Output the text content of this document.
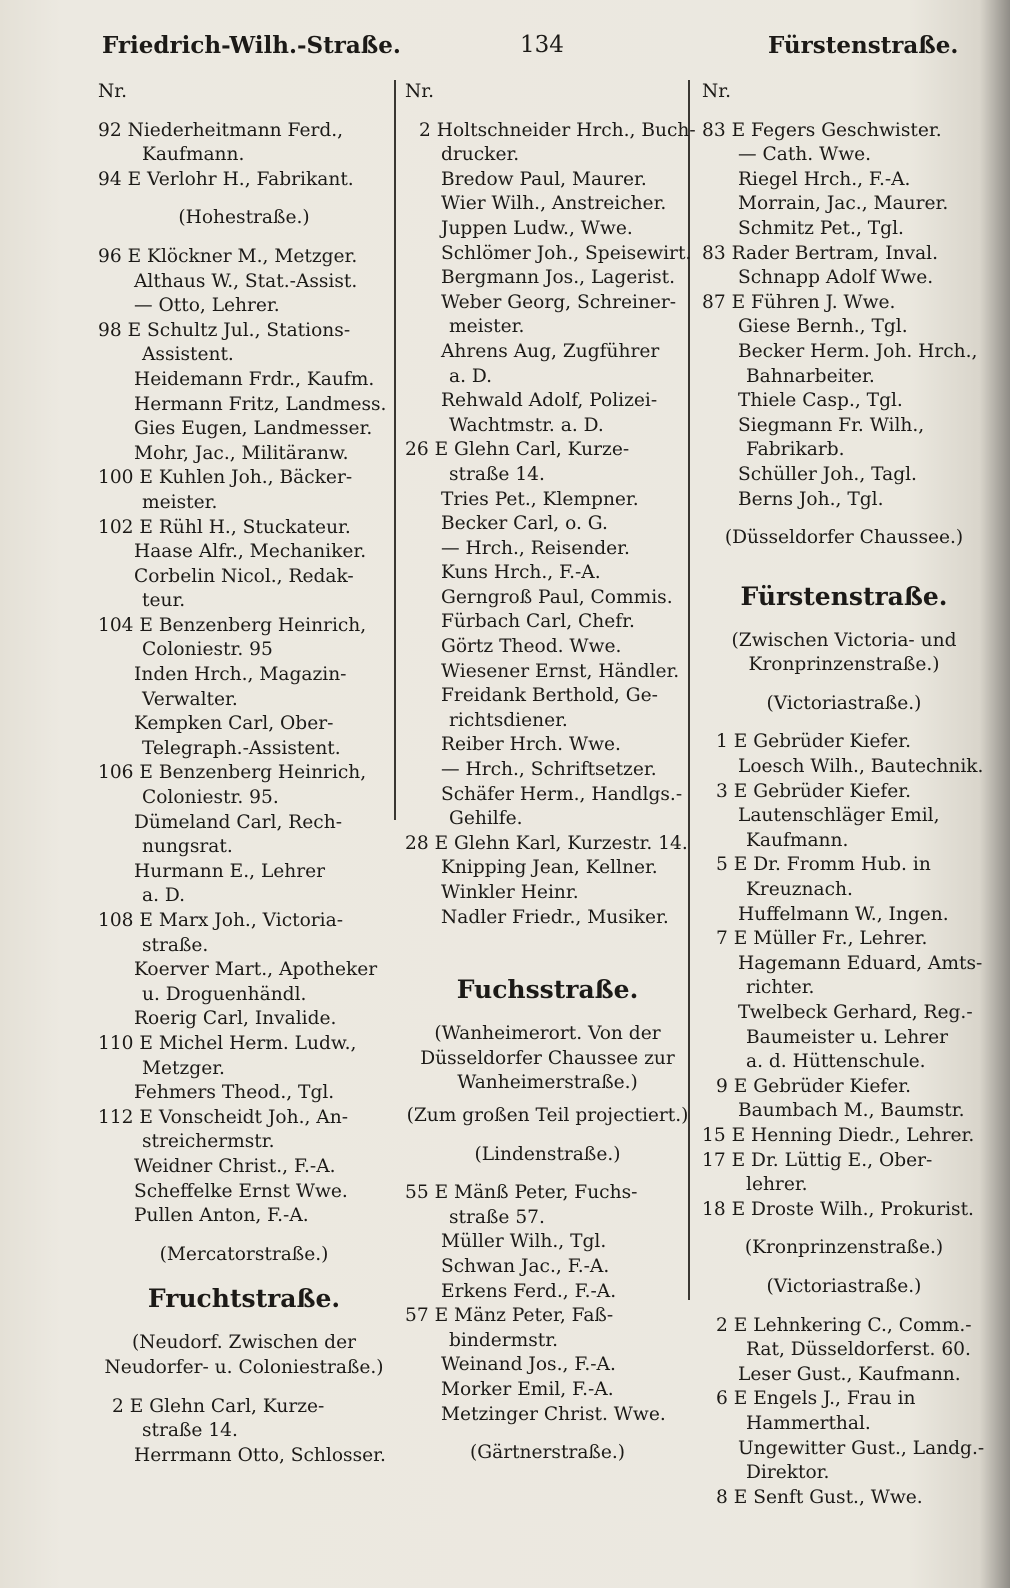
Friedrich-Wilh.-Straße.	134	Fürstenstraße.
Nr.
92 Niederheitmann Ferd.,
Kaufmann.
94 E Verlohr H., Fabrikant.
(Hohestraße.)
96 E Klöckner M., Metzger.
Althaus W., Stat.-Assist.
— Otto, Lehrer.
98 E Schultz Jul., Stations-
Assistent.
Heidemann Frdr., Kaufm.
Hermann Fritz, Landmess.
Gies Eugen, Landmesser.
Mohr, Jac., Militäranw.
100 E Kuhlen Joh., Bäcker-
meister.
102 E Rühl H., Stuckateur.
Haase Alfr., Mechaniker.
Corbelin Nicol., Redak-
teur.
104 E Benzenberg Heinrich,
Coloniestr. 95
Inden Hrch., Magazin-
Verwalter.
Kempken Carl, Ober-
Telegraph.-Assistent.
106 E Benzenberg Heinrich,
Coloniestr. 95.
Dümeland Carl, Rech-
nungsrat.
Hurmann E., Lehrer
a. D.
108 E Marx Joh., Victoria-
straße.
Koerver Mart., Apotheker
u. Droguenhändl.
Roerig Carl, Invalide.
110 E Michel Herm. Ludw.,
Metzger.
Fehmers Theod., Tgl.
112 E Vonscheidt Joh., An-
streichermstr.
Weidner Christ., F.-A.
Scheffelke Ernst Wwe.
Pullen Anton, F.-A.
(Mercatorstraße.)
Fruchtstraße.
(Neudorf. Zwischen der
Neudorfer- u. Coloniestraße.)
2 E Glehn Carl, Kurze-
straße 14.
Herrmann Otto, Schlosser.
Nr.
2 Holtschneider Hrch., Buch-
drucker.
Bredow Paul, Maurer.
Wier Wilh., Anstreicher.
Juppen Ludw., Wwe.
Schlömer Joh., Speisewirt.
Bergmann Jos., Lagerist.
Weber Georg, Schreiner-
meister.
Ahrens Aug, Zugführer
a. D.
Rehwald Adolf, Polizei-
Wachtmstr. a. D.
26 E Glehn Carl, Kurze-
straße 14.
Tries Pet., Klempner.
Becker Carl, o. G.
— Hrch., Reisender.
Kuns Hrch., F.-A.
Gerngroß Paul, Commis.
Fürbach Carl, Chefr.
Görtz Theod. Wwe.
Wiesener Ernst, Händler.
Freidank Berthold, Ge-
richtsdiener.
Reiber Hrch. Wwe.
— Hrch., Schriftsetzer.
Schäfer Herm., Handlgs.-
Gehilfe.
28 E Glehn Karl, Kurzestr. 14.
Knipping Jean, Kellner.
Winkler Heinr.
Nadler Friedr., Musiker.
Fuchsstraße.
(Wanheimerort. Von der
Düsseldorfer Chaussee zur
Wanheimerstraße.)
(Zum großen Teil projectiert.)
(Lindenstraße.)
55 E Mänß Peter, Fuchs-
straße 57.
Müller Wilh., Tgl.
Schwan Jac., F.-A.
Erkens Ferd., F.-A.
57 E Mänz Peter, Faß-
bindermstr.
Weinand Jos., F.-A.
Morker Emil, F.-A.
Metzinger Christ. Wwe.
(Gärtnerstraße.)
Nr.
83 E Fegers Geschwister.
— Cath. Wwe.
Riegel Hrch., F.-A.
Morrain, Jac., Maurer.
Schmitz Pet., Tgl.
83 Rader Bertram, Inval.
Schnapp Adolf Wwe.
87 E Führen J. Wwe.
Giese Bernh., Tgl.
Becker Herm. Joh. Hrch.,
Bahnarbeiter.
Thiele Casp., Tgl.
Siegmann Fr. Wilh.,
Fabrikarb.
Schüller Joh., Tagl.
Berns Joh., Tgl.
(Düsseldorfer Chaussee.)
Fürstenstraße.
(Zwischen Victoria- und
Kronprinzenstraße.)
(Victoriastraße.)
1 E Gebrüder Kiefer.
Loesch Wilh., Bautechnik.
3 E Gebrüder Kiefer.
Lautenschläger Emil,
Kaufmann.
5 E Dr. Fromm Hub. in
Kreuznach.
Huffelmann W., Ingen.
7 E Müller Fr., Lehrer.
Hagemann Eduard, Amts-
richter.
Twelbeck Gerhard, Reg.-
Baumeister u. Lehrer
a. d. Hüttenschule.
9 E Gebrüder Kiefer.
Baumbach M., Baumstr.
15 E Henning Diedr., Lehrer.
17 E Dr. Lüttig E., Ober-
lehrer.
18 E Droste Wilh., Prokurist.
(Kronprinzenstraße.)
(Victoriastraße.)
2 E Lehnkering C., Comm.-
Rat, Düsseldorferst. 60.
Leser Gust., Kaufmann.
6 E Engels J., Frau in
Hammerthal.
Ungewitter Gust., Landg.-
Direktor.
8 E Senft Gust., Wwe.
